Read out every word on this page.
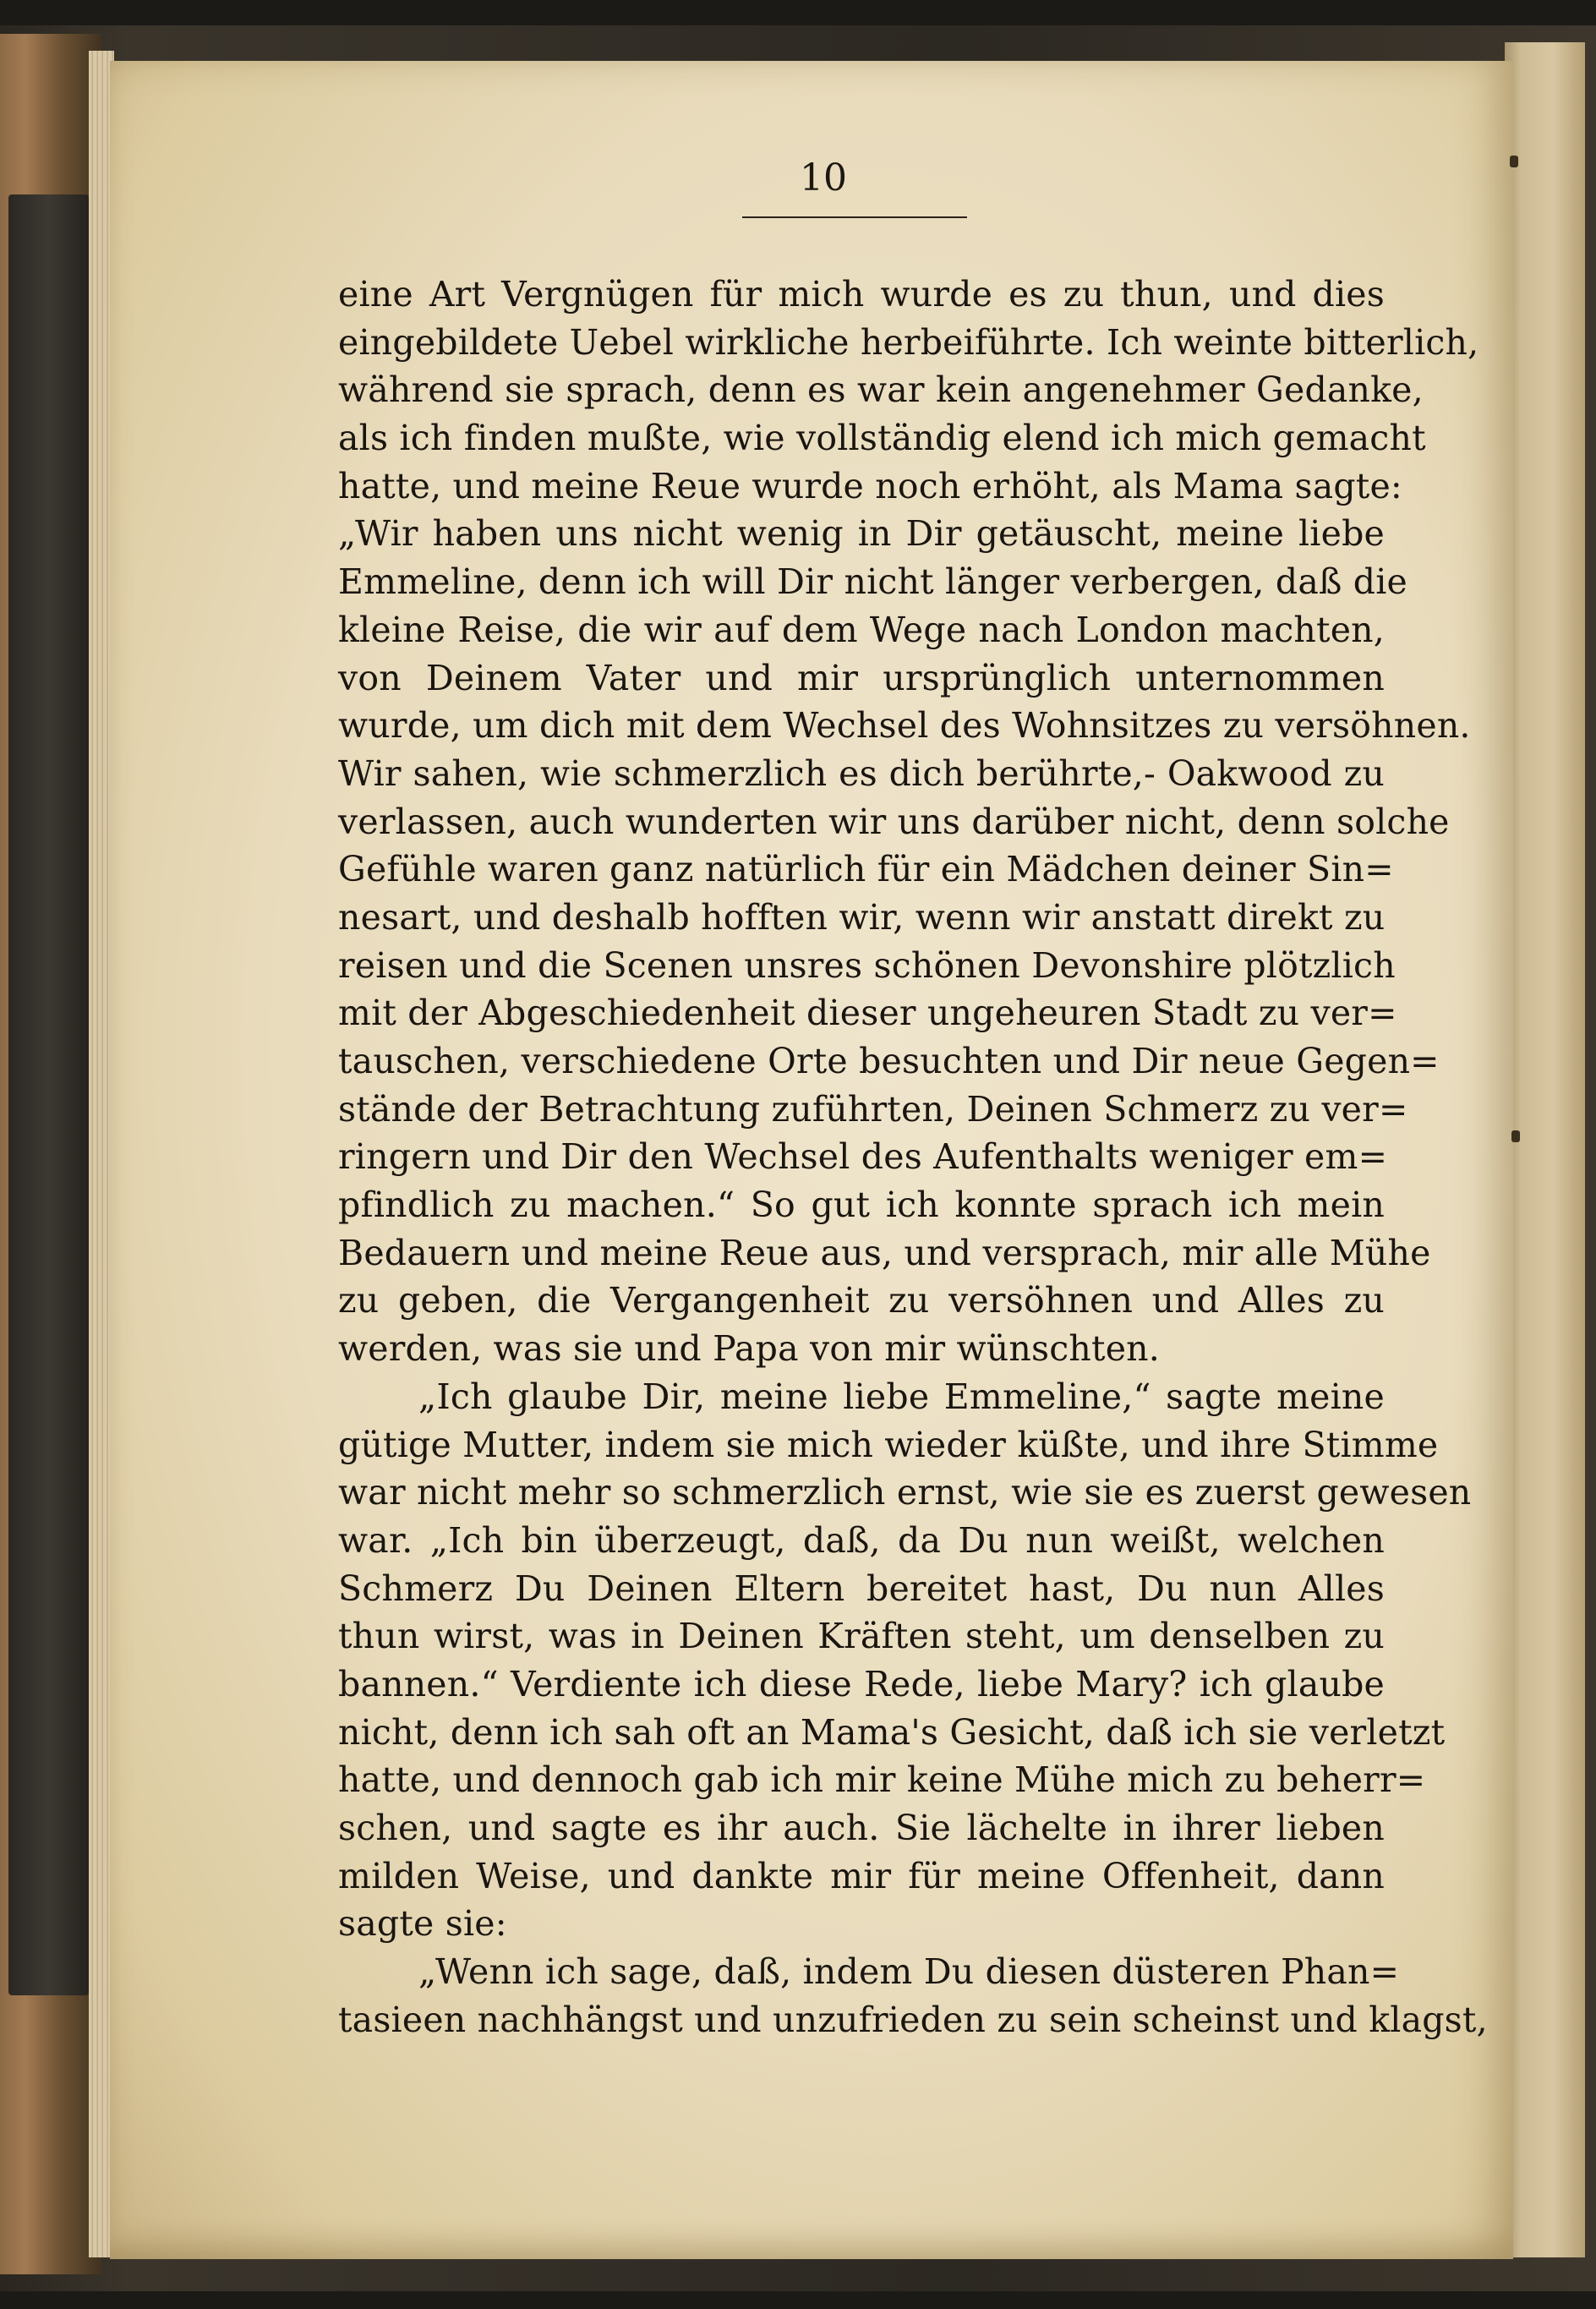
10
eine Art Vergnügen für mich wurde es zu thun, und dies
eingebildete Uebel wirkliche herbeiführte. Ich weinte bitterlich,
während sie sprach, denn es war kein angenehmer Gedanke,
als ich finden mußte, wie vollständig elend ich mich gemacht
hatte, und meine Reue wurde noch erhöht, als Mama sagte:
„Wir haben uns nicht wenig in Dir getäuscht, meine liebe
Emmeline, denn ich will Dir nicht länger verbergen, daß die
kleine Reise, die wir auf dem Wege nach London machten,
von Deinem Vater und mir ursprünglich unternommen
wurde, um dich mit dem Wechsel des Wohnsitzes zu versöhnen.
Wir sahen, wie schmerzlich es dich berührte,- Oakwood zu
verlassen, auch wunderten wir uns darüber nicht, denn solche
Gefühle waren ganz natürlich für ein Mädchen deiner Sin=
nesart, und deshalb hofften wir, wenn wir anstatt direkt zu
reisen und die Scenen unsres schönen Devonshire plötzlich
mit der Abgeschiedenheit dieser ungeheuren Stadt zu ver=
tauschen, verschiedene Orte besuchten und Dir neue Gegen=
stände der Betrachtung zuführten, Deinen Schmerz zu ver=
ringern und Dir den Wechsel des Aufenthalts weniger em=
pfindlich zu machen.“ So gut ich konnte sprach ich mein
Bedauern und meine Reue aus, und versprach, mir alle Mühe
zu geben, die Vergangenheit zu versöhnen und Alles zu
werden, was sie und Papa von mir wünschten.
„Ich glaube Dir, meine liebe Emmeline,“ sagte meine
gütige Mutter, indem sie mich wieder küßte, und ihre Stimme
war nicht mehr so schmerzlich ernst, wie sie es zuerst gewesen
war. „Ich bin überzeugt, daß, da Du nun weißt, welchen
Schmerz Du Deinen Eltern bereitet hast, Du nun Alles
thun wirst, was in Deinen Kräften steht, um denselben zu
bannen.“ Verdiente ich diese Rede, liebe Mary? ich glaube
nicht, denn ich sah oft an Mama's Gesicht, daß ich sie verletzt
hatte, und dennoch gab ich mir keine Mühe mich zu beherr=
schen, und sagte es ihr auch. Sie lächelte in ihrer lieben
milden Weise, und dankte mir für meine Offenheit, dann
sagte sie:
„Wenn ich sage, daß, indem Du diesen düsteren Phan=
tasieen nachhängst und unzufrieden zu sein scheinst und klagst,
